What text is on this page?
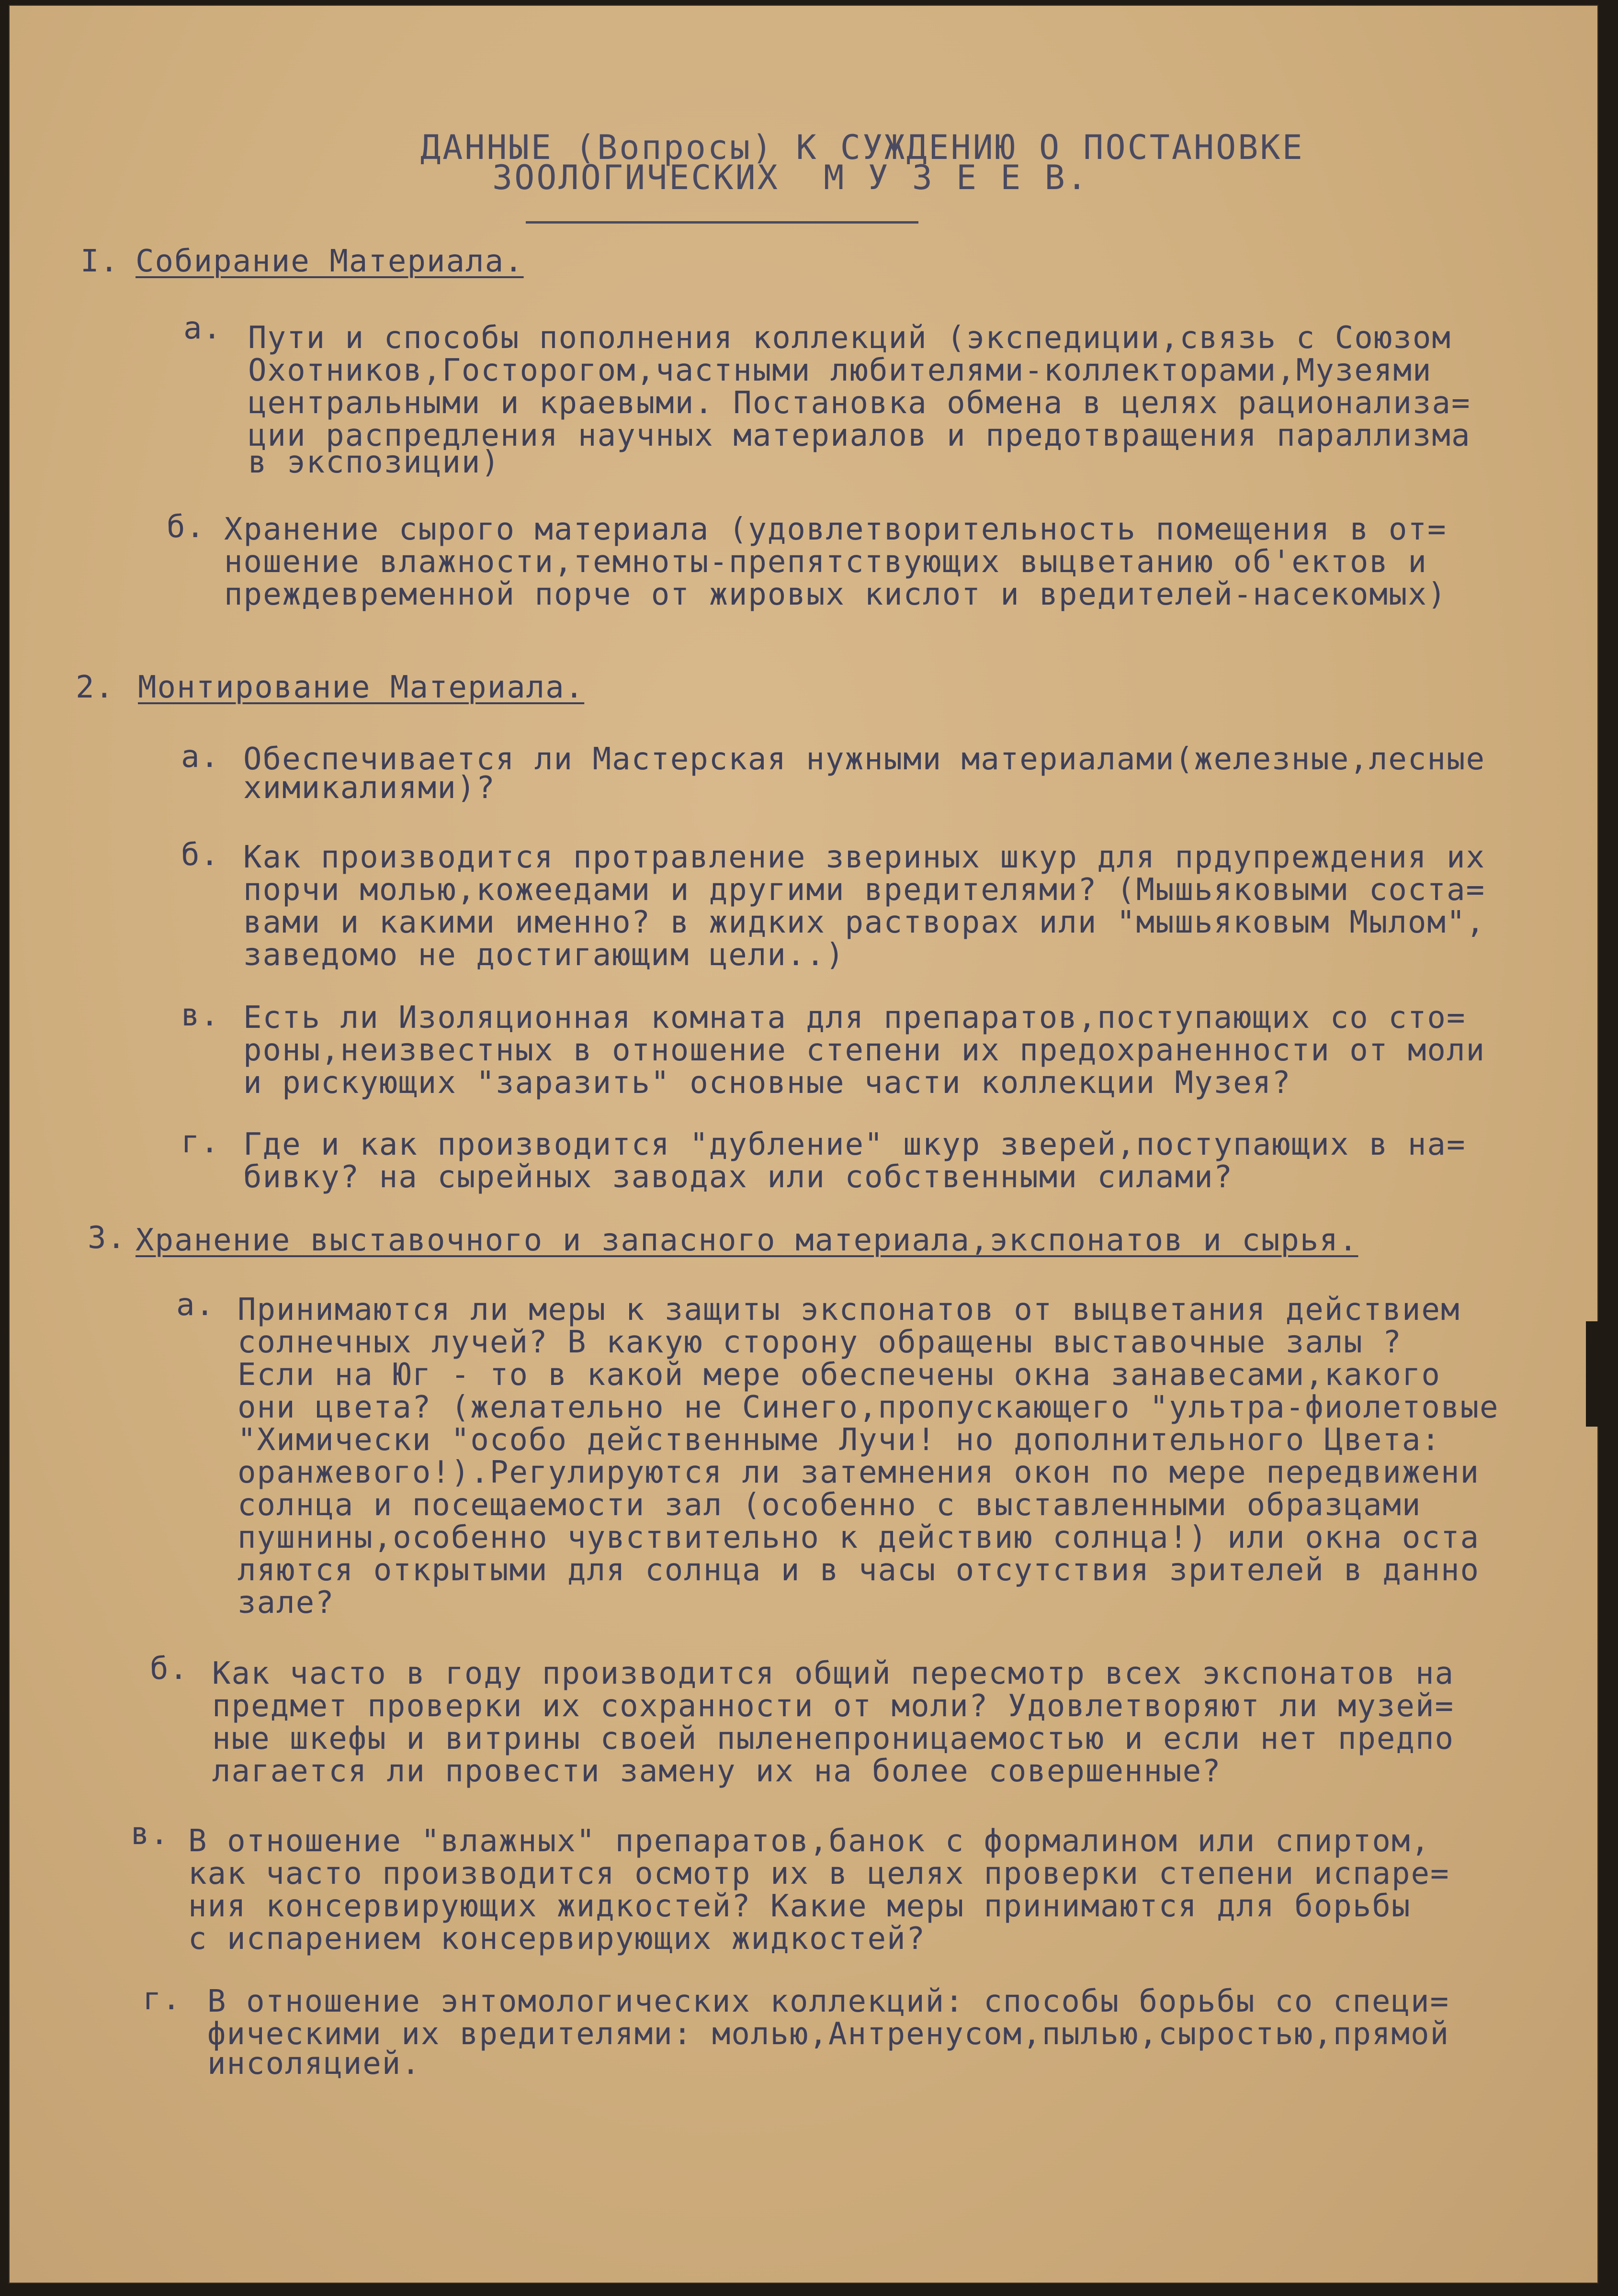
ДАННЫЕ (Вопросы) К СУЖДЕНИЮ О ПОСТАНОВКЕ
ЗООЛОГИЧЕСКИХ  М У З Е Е В.
I. Собирание Материала.
а. Пути и способы пополнения коллекций (экспедиции,связь с Союзом
Охотников,Госторогом,частными любителями-коллекторами,Музеями
центральными и краевыми. Постановка обмена в целях рационализа=
ции распредления научных материалов и предотвращения параллизма
в экспозиции)
б. Хранение сырого материала (удовлетворительность помещения в от=
ношение влажности,темноты-препятствующих выцветанию об'ектов и
преждевременной порче от жировых кислот и вредителей-насекомых)
2. Монтирование Материала.
а. Обеспечивается ли Мастерская нужными материалами(железные,лесные
химикалиями)?
б. Как производится протравление звериных шкур для прдупреждения их
порчи молью,кожеедами и другими вредителями? (Мышьяковыми соста=
вами и какими именно? в жидких растворах или "мышьяковым Мылом",
заведомо не достигающим цели..)
в. Есть ли Изоляционная комната для препаратов,поступающих со сто=
роны,неизвестных в отношение степени их предохраненности от моли
и рискующих "заразить" основные части коллекции Музея?
г. Где и как производится "дубление" шкур зверей,поступающих в на=
бивку? на сырейных заводах или собственными силами?
3. Хранение выставочного и запасного материала,экспонатов и сырья.
а. Принимаются ли меры к защиты экспонатов от выцветания действием
солнечных лучей? В какую сторону обращены выставочные залы ?
Если на Юг - то в какой мере обеспечены окна занавесами,какого
они цвета? (желательно не Синего,пропускающего "ультра-фиолетовые
"Химически "особо действенныме Лучи! но дополнительного Цвета:
оранжевого!).Регулируются ли затемнения окон по мере передвижени
солнца и посещаемости зал (особенно с выставленными образцами
пушнины,особенно чувствительно к действию солнца!) или окна оста
ляются открытыми для солнца и в часы отсутствия зрителей в данно
зале?
б. Как часто в году производится общий пересмотр всех экспонатов на
предмет проверки их сохранности от моли? Удовлетворяют ли музей=
ные шкефы и витрины своей пыленепроницаемостью и если нет предпо
лагается ли провести замену их на более совершенные?
в. В отношение "влажных" препаратов,банок с формалином или спиртом,
как часто производится осмотр их в целях проверки степени испаре=
ния консервирующих жидкостей? Какие меры принимаются для борьбы
с испарением консервирующих жидкостей?
г. В отношение энтомологических коллекций: способы борьбы со специ=
фическими их вредителями: молью,Антренусом,пылью,сыростью,прямой
инсоляцией.
